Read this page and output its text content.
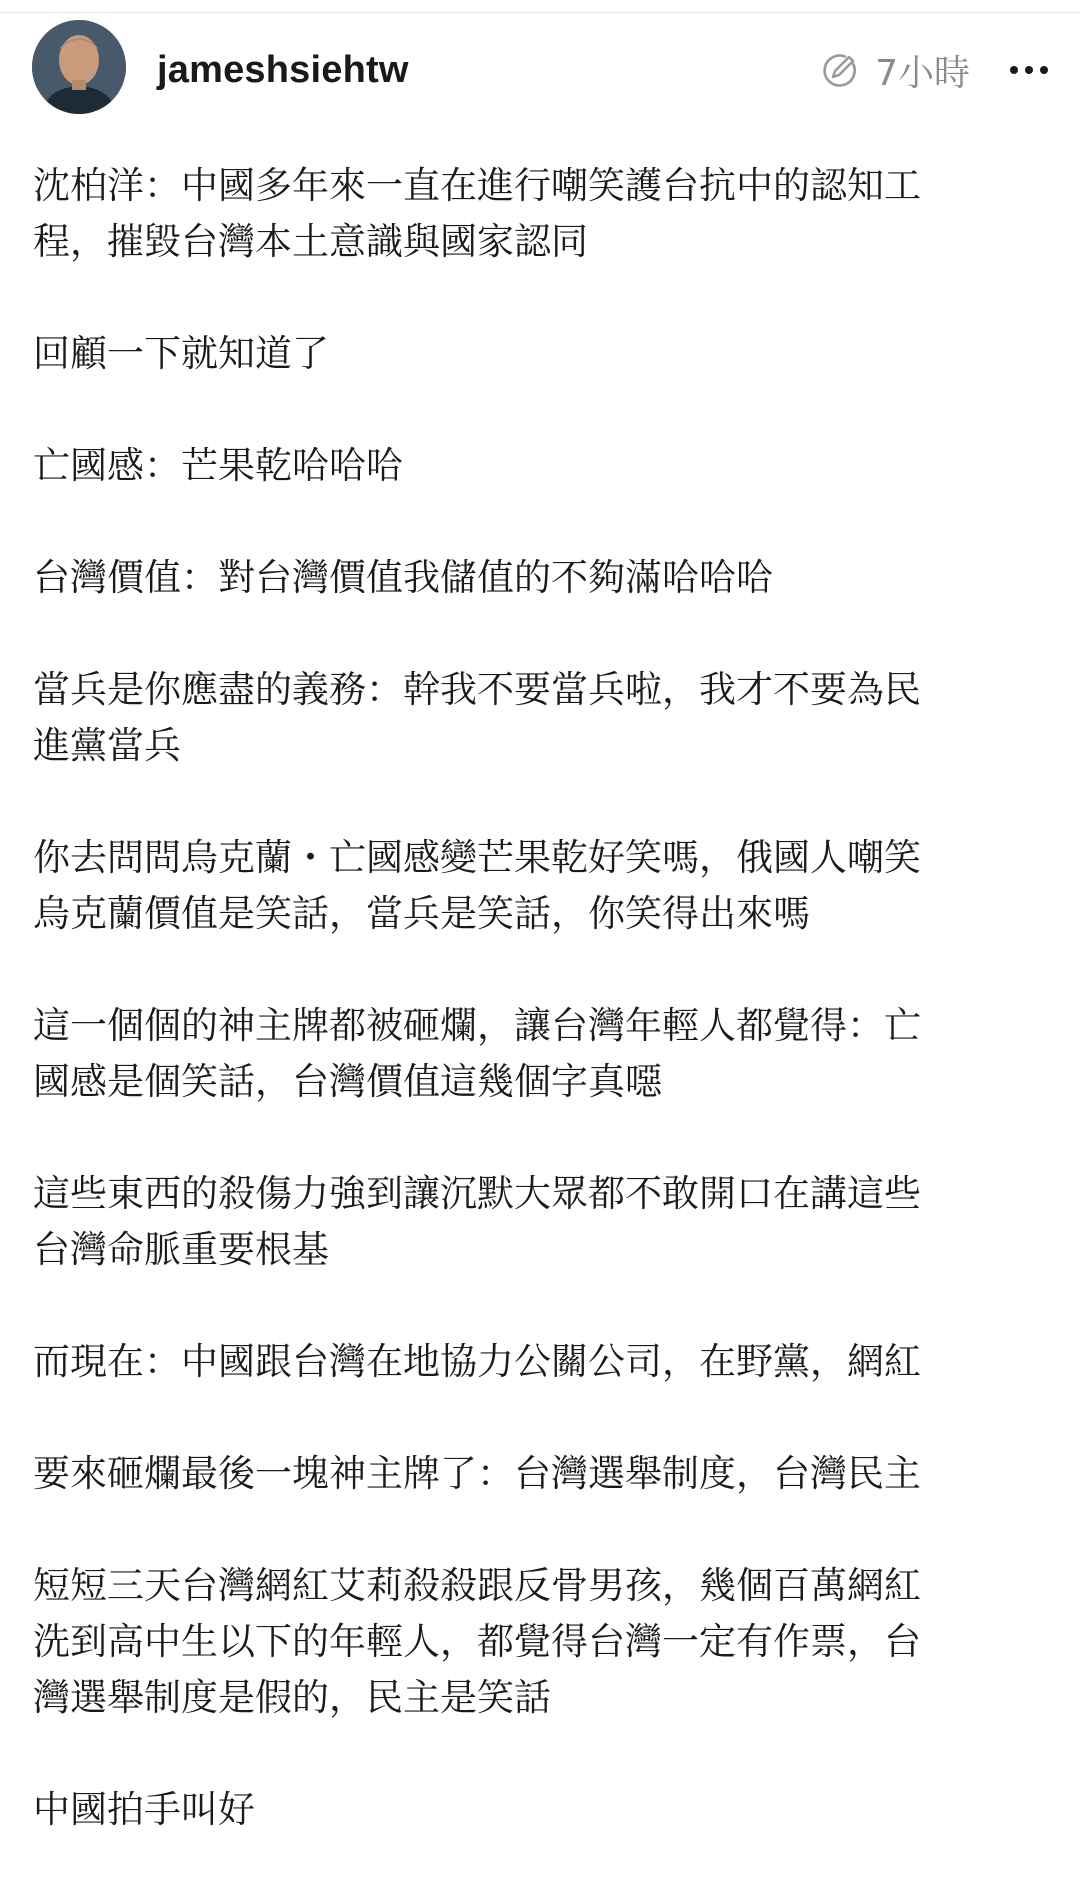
jameshsiehtw	7小時

沈柏洋：中國多年來一直在進行嘲笑護台抗中的認知工
程，摧毀台灣本土意識與國家認同

回顧一下就知道了

亡國感：芒果乾哈哈哈

台灣價值：對台灣價值我儲值的不夠滿哈哈哈

當兵是你應盡的義務：幹我不要當兵啦，我才不要為民
進黨當兵

你去問問烏克蘭・亡國感變芒果乾好笑嗎，俄國人嘲笑
烏克蘭價值是笑話，當兵是笑話，你笑得出來嗎

這一個個的神主牌都被砸爛，讓台灣年輕人都覺得：亡
國感是個笑話，台灣價值這幾個字真噁

這些東西的殺傷力強到讓沉默大眾都不敢開口在講這些
台灣命脈重要根基

而現在：中國跟台灣在地協力公關公司，在野黨，網紅

要來砸爛最後一塊神主牌了：台灣選舉制度，台灣民主

短短三天台灣網紅艾莉殺殺跟反骨男孩，幾個百萬網紅
洗到高中生以下的年輕人，都覺得台灣一定有作票，台
灣選舉制度是假的，民主是笑話

中國拍手叫好
